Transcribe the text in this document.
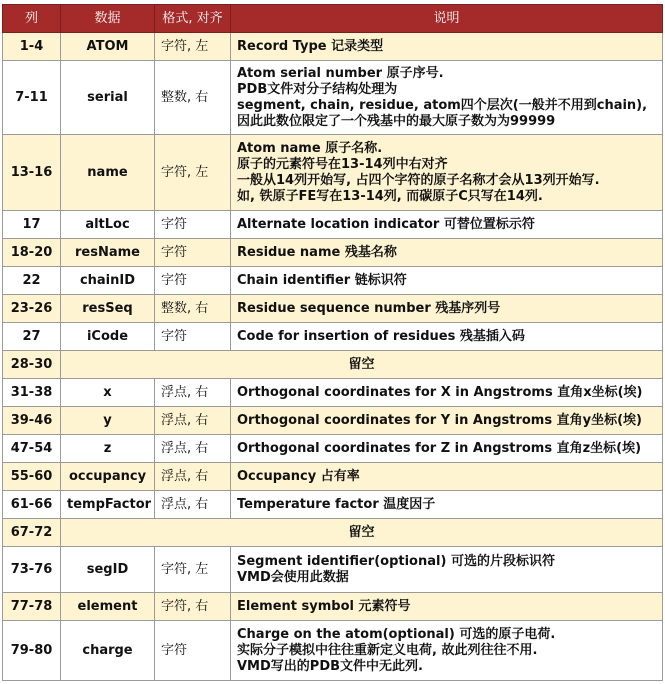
列	数据	格式, 对齐	说明
1-4	ATOM	字符, 左	Record Type 记录类型

7-11	serial	整数, 右	Atom serial number 原子序号.
PDB文件对分子结构处理为
segment, chain, residue, atom四个层次(一般并不用到chain),
因此此数位限定了一个残基中的最大原子数为为99999

13-16	name	字符, 左	Atom name 原子名称.
原子的元素符号在13-14列中右对齐
一般从14列开始写, 占四个字符的原子名称才会从13列开始写.
如, 铁原子FE写在13-14列, 而碳原子C只写在14列.

17	altLoc	字符	Alternate location indicator 可替位置标示符

18-20	resName	字符	Residue name 残基名称

22	chainID	字符	Chain identifier 链标识符

23-26	resSeq	整数, 右	Residue sequence number 残基序列号

27	iCode	字符	Code for insertion of residues 残基插入码

28-30	留空		
31-38	x	浮点, 右	Orthogonal coordinates for X in Angstroms 直角x坐标(埃)

39-46	y	浮点, 右	Orthogonal coordinates for Y in Angstroms 直角y坐标(埃)

47-54	z	浮点, 右	Orthogonal coordinates for Z in Angstroms 直角z坐标(埃)

55-60	occupancy	浮点, 右	Occupancy 占有率

61-66	tempFactor	浮点, 右	Temperature factor 温度因子

67-72	留空		
73-76	segID	字符, 左	Segment identifier(optional) 可选的片段标识符
VMD会使用此数据

77-78	element	字符, 右	Element symbol 元素符号

79-80	charge	字符	Charge on the atom(optional) 可选的原子电荷.
实际分子模拟中往往重新定义电荷, 故此列往往不用.
VMD写出的PDB文件中无此列.
